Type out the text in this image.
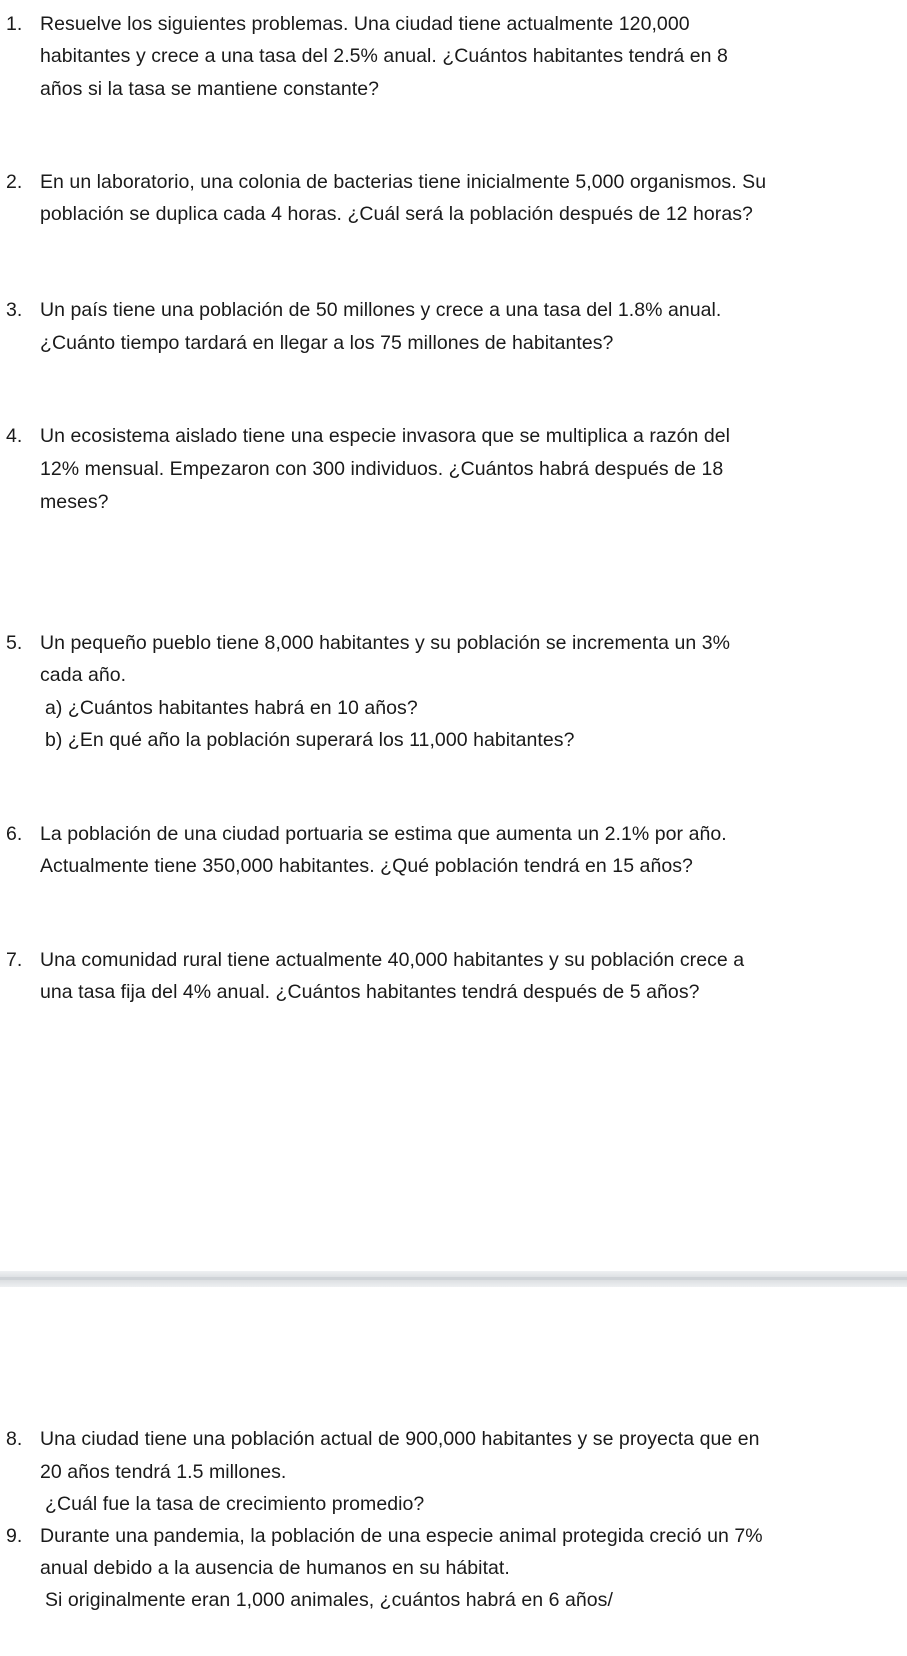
1. Resuelve los siguientes problemas. Una ciudad tiene actualmente 120,000
habitantes y crece a una tasa del 2.5% anual. ¿Cuántos habitantes tendrá en 8
años si la tasa se mantiene constante?
2. En un laboratorio, una colonia de bacterias tiene inicialmente 5,000 organismos. Su
población se duplica cada 4 horas. ¿Cuál será la población después de 12 horas?
3. Un país tiene una población de 50 millones y crece a una tasa del 1.8% anual.
¿Cuánto tiempo tardará en llegar a los 75 millones de habitantes?
4. Un ecosistema aislado tiene una especie invasora que se multiplica a razón del
12% mensual. Empezaron con 300 individuos. ¿Cuántos habrá después de 18
meses?
5. Un pequeño pueblo tiene 8,000 habitantes y su población se incrementa un 3%
cada año.
a) ¿Cuántos habitantes habrá en 10 años?
b) ¿En qué año la población superará los 11,000 habitantes?
6. La población de una ciudad portuaria se estima que aumenta un 2.1% por año.
Actualmente tiene 350,000 habitantes. ¿Qué población tendrá en 15 años?
7. Una comunidad rural tiene actualmente 40,000 habitantes y su población crece a
una tasa fija del 4% anual. ¿Cuántos habitantes tendrá después de 5 años?
8. Una ciudad tiene una población actual de 900,000 habitantes y se proyecta que en
20 años tendrá 1.5 millones.
¿Cuál fue la tasa de crecimiento promedio?
9. Durante una pandemia, la población de una especie animal protegida creció un 7%
anual debido a la ausencia de humanos en su hábitat.
Si originalmente eran 1,000 animales, ¿cuántos habrá en 6 años/
